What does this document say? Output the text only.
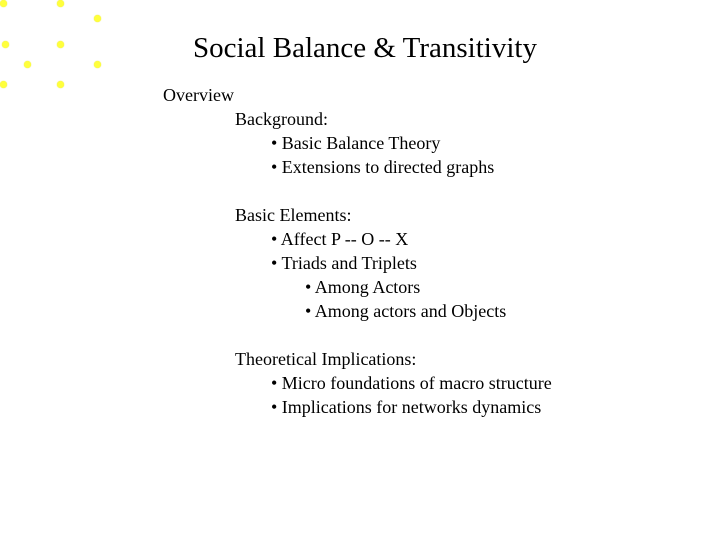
Social Balance & Transitivity
Overview
Background:
• Basic Balance Theory
• Extensions to directed graphs
Basic Elements:
• Affect P -- O -- X
• Triads and Triplets
• Among Actors
• Among actors and Objects
Theoretical Implications:
• Micro foundations of macro structure
• Implications for networks dynamics
